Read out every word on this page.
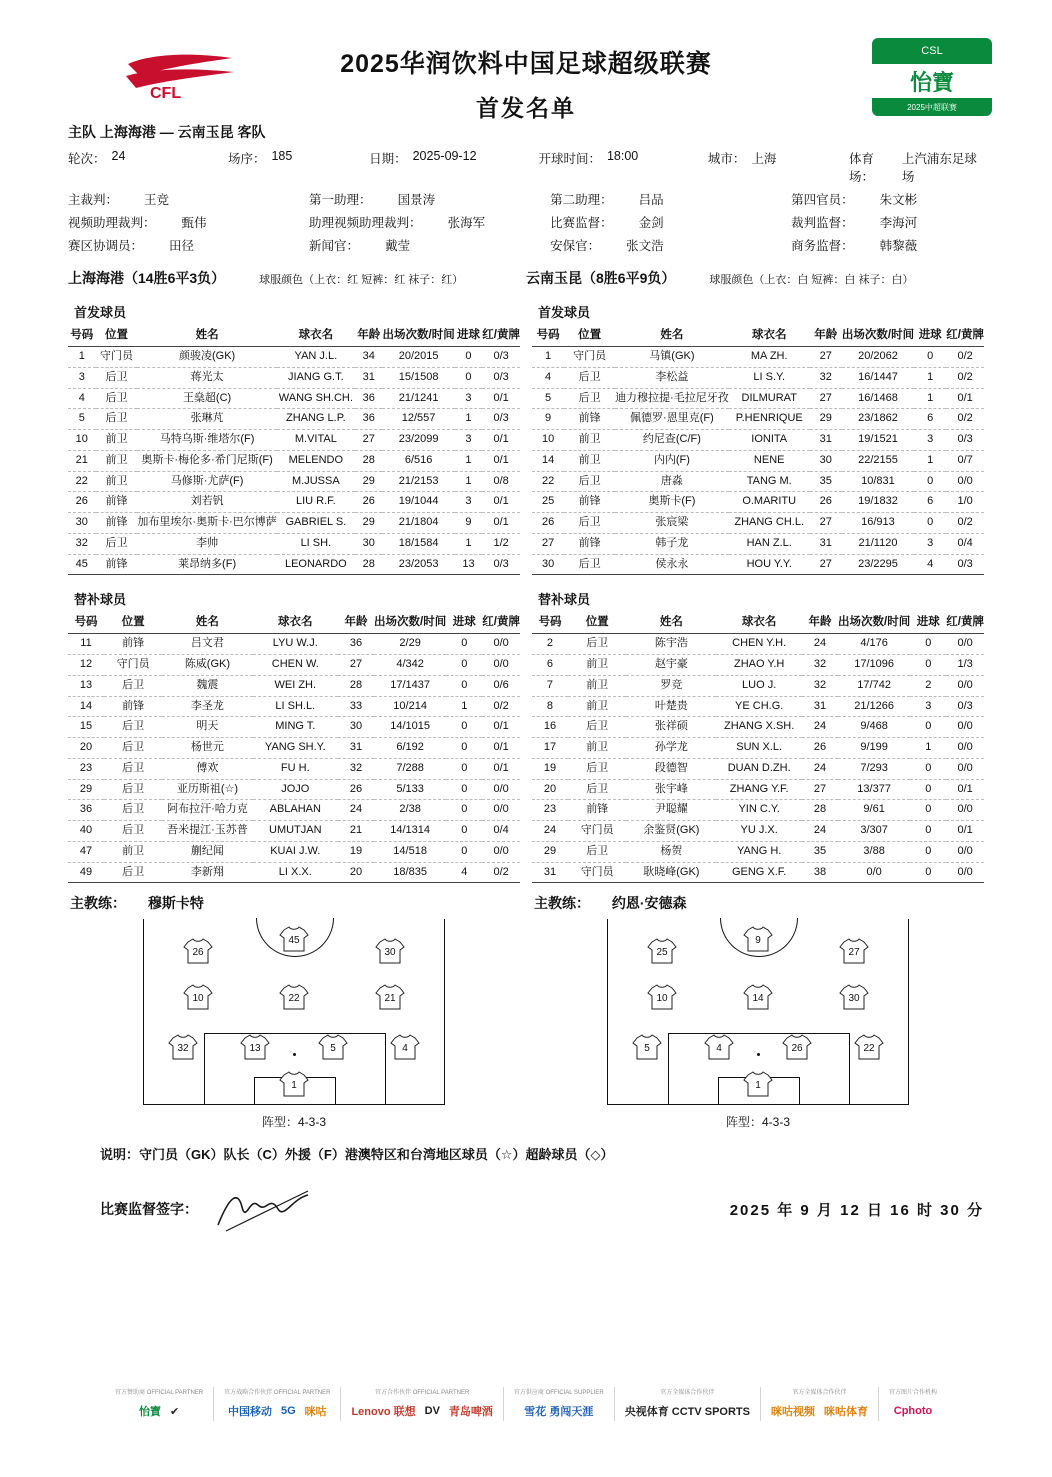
CFL
2025华润饮料中国足球超级联赛
首发名单
CSL
怡寶
2025中超联赛
主队 上海海港 — 云南玉昆 客队
轮次： 24	场序： 185	日期： 2025-09-12	开球时间： 18:00	城市： 上海	体育场：
上汽浦东足球场
主裁判： 王竞	第一助理： 国景涛	第二助理： 吕品	第四官员： 朱文彬
视频助理裁判： 甄伟	助理视频助理裁判： 张海军	比赛监督： 金剑	裁判监督： 李海河
赛区协调员： 田径	新闻官： 戴莹	安保官： 张文浩	商务监督： 韩黎薇
上海海港 （14胜6平3负）	球服颜色（上衣：红 短裤：红 袜子：红）	云南玉昆 （8胜6平9负）	球服颜色（上衣：白 短裤：白 袜子：白）
首发球员
号码	位置	姓名	球衣名	年龄	出场次数/时间	进球	红/黄牌
1	守门员	颜骏凌(GK)	YAN J.L.	34	20/2015	0	0/3
3	后卫	蒋光太	JIANG G.T.	31	15/1508	0	0/3
4	后卫	王燊超(C)	WANG SH.CH.	36	21/1241	3	0/1
5	后卫	张琳芃	ZHANG L.P.	36	12/557	1	0/3
10	前卫	马特乌斯·维塔尔(F)	M.VITAL	27	23/2099	3	0/1
21	前卫	奥斯卡·梅伦多·希门尼斯(F)	MELENDO	28	6/516	1	0/1
22	前卫	马修斯·尤萨(F)	M.JUSSA	29	21/2153	1	0/8
26	前锋	刘若钒	LIU R.F.	26	19/1044	3	0/1
30	前锋	加布里埃尔·奥斯卡·巴尔博萨	GABRIEL S.	29	21/1804	9	0/1
32	后卫	李帅	LI SH.	30	18/1584	1	1/2
45	前锋	莱昂纳多(F)	LEONARDO	28	23/2053	13	0/3
首发球员
号码	位置	姓名	球衣名	年龄	出场次数/时间	进球	红/黄牌
1	守门员	马镇(GK)	MA ZH.	27	20/2062	0	0/2
4	后卫	李松益	LI S.Y.	32	16/1447	1	0/2
5	后卫	迪力穆拉提·毛拉尼牙孜	DILMURAT	27	16/1468	1	0/1
9	前锋	佩德罗·恩里克(F)	P.HENRIQUE	29	23/1862	6	0/2
10	前卫	约尼查(C/F)	IONITA	31	19/1521	3	0/3
14	前卫	内内(F)	NENE	30	22/2155	1	0/7
22	后卫	唐淼	TANG M.	35	10/831	0	0/0
25	前锋	奥斯卡(F)	O.MARITU	26	19/1832	6	1/0
26	后卫	张宸梁	ZHANG CH.L.	27	16/913	0	0/2
27	前锋	韩子龙	HAN Z.L.	31	21/1120	3	0/4
30	后卫	侯永永	HOU Y.Y.	27	23/2295	4	0/3
替补球员
号码	位置	姓名	球衣名	年龄	出场次数/时间	进球	红/黄牌
11	前锋	吕文君	LYU W.J.	36	2/29	0	0/0
12	守门员	陈威(GK)	CHEN W.	27	4/342	0	0/0
13	后卫	魏震	WEI ZH.	28	17/1437	0	0/6
14	前锋	李圣龙	LI SH.L.	33	10/214	1	0/2
15	后卫	明天	MING T.	30	14/1015	0	0/1
20	后卫	杨世元	YANG SH.Y.	31	6/192	0	0/1
23	后卫	傅欢	FU H.	32	7/288	0	0/1
29	后卫	亚历斯祖(☆)	JOJO	26	5/133	0	0/0
36	后卫	阿布拉汗·哈力克	ABLAHAN	24	2/38	0	0/0
40	后卫	吾米提江·玉苏普	UMUTJAN	21	14/1314	0	0/4
47	前卫	蒯纪闻	KUAI J.W.	19	14/518	0	0/0
49	后卫	李新翔	LI X.X.	20	18/835	4	0/2
替补球员
号码	位置	姓名	球衣名	年龄	出场次数/时间	进球	红/黄牌
2	后卫	陈宇浩	CHEN Y.H.	24	4/176	0	0/0
6	前卫	赵宇豪	ZHAO Y.H	32	17/1096	0	1/3
7	前卫	罗竞	LUO J.	32	17/742	2	0/0
8	前卫	叶楚贵	YE CH.G.	31	21/1266	3	0/3
16	后卫	张祥硕	ZHANG X.SH.	24	9/468	0	0/0
17	前卫	孙学龙	SUN X.L.	26	9/199	1	0/0
19	后卫	段德智	DUAN D.ZH.	24	7/293	0	0/0
20	后卫	张宇峰	ZHANG Y.F.	27	13/377	0	0/1
23	前锋	尹聪耀	YIN C.Y.	28	9/61	0	0/0
24	守门员	余鉴贤(GK)	YU J.X.	24	3/307	0	0/1
29	后卫	杨贺	YANG H.	35	3/88	0	0/0
31	守门员	耿晓峰(GK)	GENG X.F.	38	0/0	0	0/0
主教练： 穆斯卡特	主教练： 约恩·安德森
26
45
30
10	22	21
32	13	5	4
1
阵型：4-3-3
25
9
27
10	14	30
5	4	26	22
1
阵型：4-3-3
说明：守门员（GK）队长（C）外援（F）港澳特区和台湾地区球员（☆）超龄球员（◇）
比赛监督签字：	2025 年 9 月 12 日 16 时 30 分
官方赞助商 OFFICIAL PARTNER
怡寶 ✔
官方战略合作伙伴 OFFICIAL PARTNER
中国移动 5G 咪咕
官方合作伙伴 OFFICIAL PARTNER
Lenovo 联想 DV 青岛啤酒
官方供应商 OFFICIAL SUPPLIER
雪花 勇闯天涯
官方全媒体合作伙伴
央视体育 CCTV SPORTS
官方全媒体合作伙伴
咪咕视频 咪咕体育
官方图片合作机构
Cphoto
